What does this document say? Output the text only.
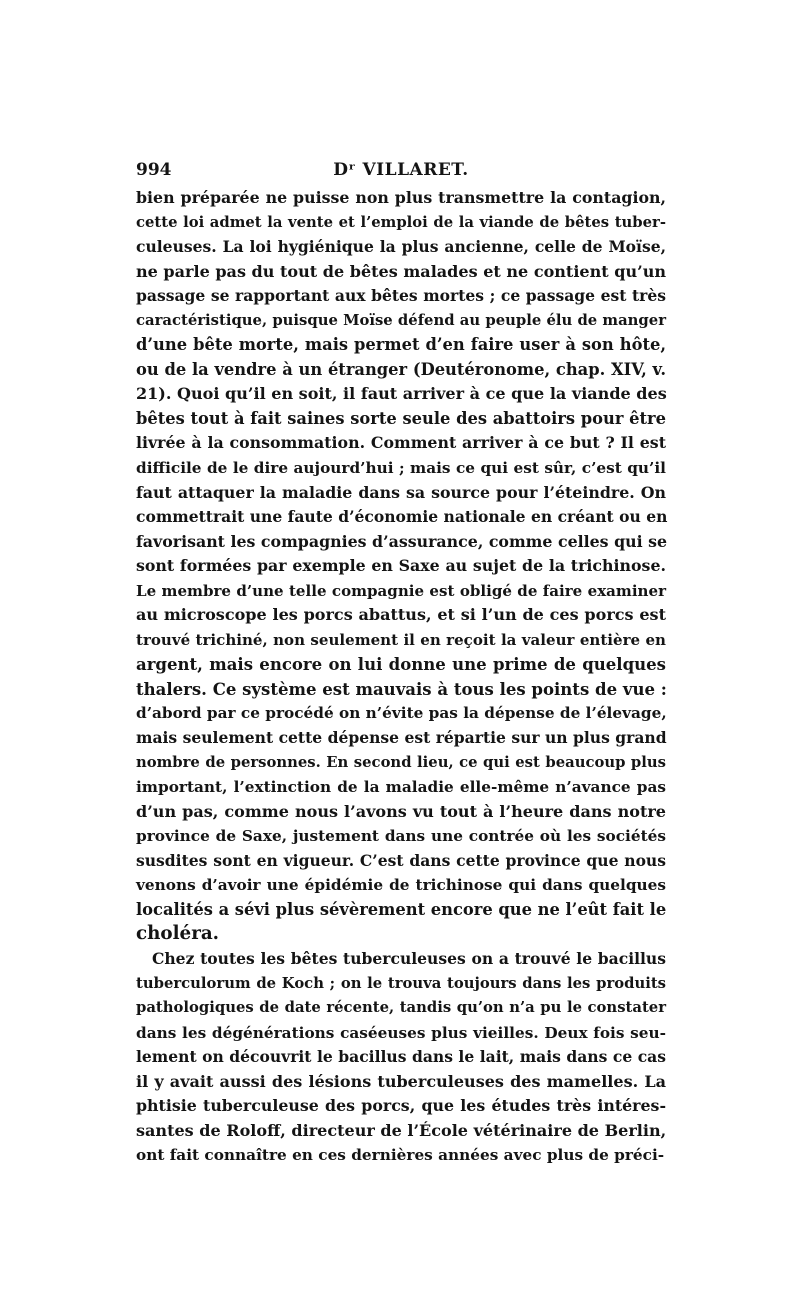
994	Dʳ VILLARET.

bien préparée ne puisse non plus transmettre la contagion,
cette loi admet la vente et l’emploi de la viande de bêtes tuber-
culeuses. La loi hygiénique la plus ancienne, celle de Moïse,
ne parle pas du tout de bêtes malades et ne contient qu’un
passage se rapportant aux bêtes mortes ; ce passage est très
caractéristique, puisque Moïse défend au peuple élu de manger
d’une bête morte, mais permet d’en faire user à son hôte,
ou de la vendre à un étranger (Deutéronome, chap. XIV, v.
21). Quoi qu’il en soit, il faut arriver à ce que la viande des
bêtes tout à fait saines sorte seule des abattoirs pour être
livrée à la consommation. Comment arriver à ce but ? Il est
difficile de le dire aujourd’hui ; mais ce qui est sûr, c’est qu’il
faut attaquer la maladie dans sa source pour l’éteindre. On
commettrait une faute d’économie nationale en créant ou en
favorisant les compagnies d’assurance, comme celles qui se
sont formées par exemple en Saxe au sujet de la trichinose.
Le membre d’une telle compagnie est obligé de faire examiner
au microscope les porcs abattus, et si l’un de ces porcs est
trouvé trichiné, non seulement il en reçoit la valeur entière en
argent, mais encore on lui donne une prime de quelques
thalers. Ce système est mauvais à tous les points de vue :
d’abord par ce procédé on n’évite pas la dépense de l’élevage,
mais seulement cette dépense est répartie sur un plus grand
nombre de personnes. En second lieu, ce qui est beaucoup plus
important, l’extinction de la maladie elle-même n’avance pas
d’un pas, comme nous l’avons vu tout à l’heure dans notre
province de Saxe, justement dans une contrée où les sociétés
susdites sont en vigueur. C’est dans cette province que nous
venons d’avoir une épidémie de trichinose qui dans quelques
localités a sévi plus sévèrement encore que ne l’eût fait le
choléra.

Chez toutes les bêtes tuberculeuses on a trouvé le bacillus
tuberculorum de Koch ; on le trouva toujours dans les produits
pathologiques de date récente, tandis qu’on n’a pu le constater
dans les dégénérations caséeuses plus vieilles. Deux fois seu-
lement on découvrit le bacillus dans le lait, mais dans ce cas
il y avait aussi des lésions tuberculeuses des mamelles. La
phtisie tuberculeuse des porcs, que les études très intéres-
santes de Roloff, directeur de l’École vétérinaire de Berlin,
ont fait connaître en ces dernières années avec plus de préci-
